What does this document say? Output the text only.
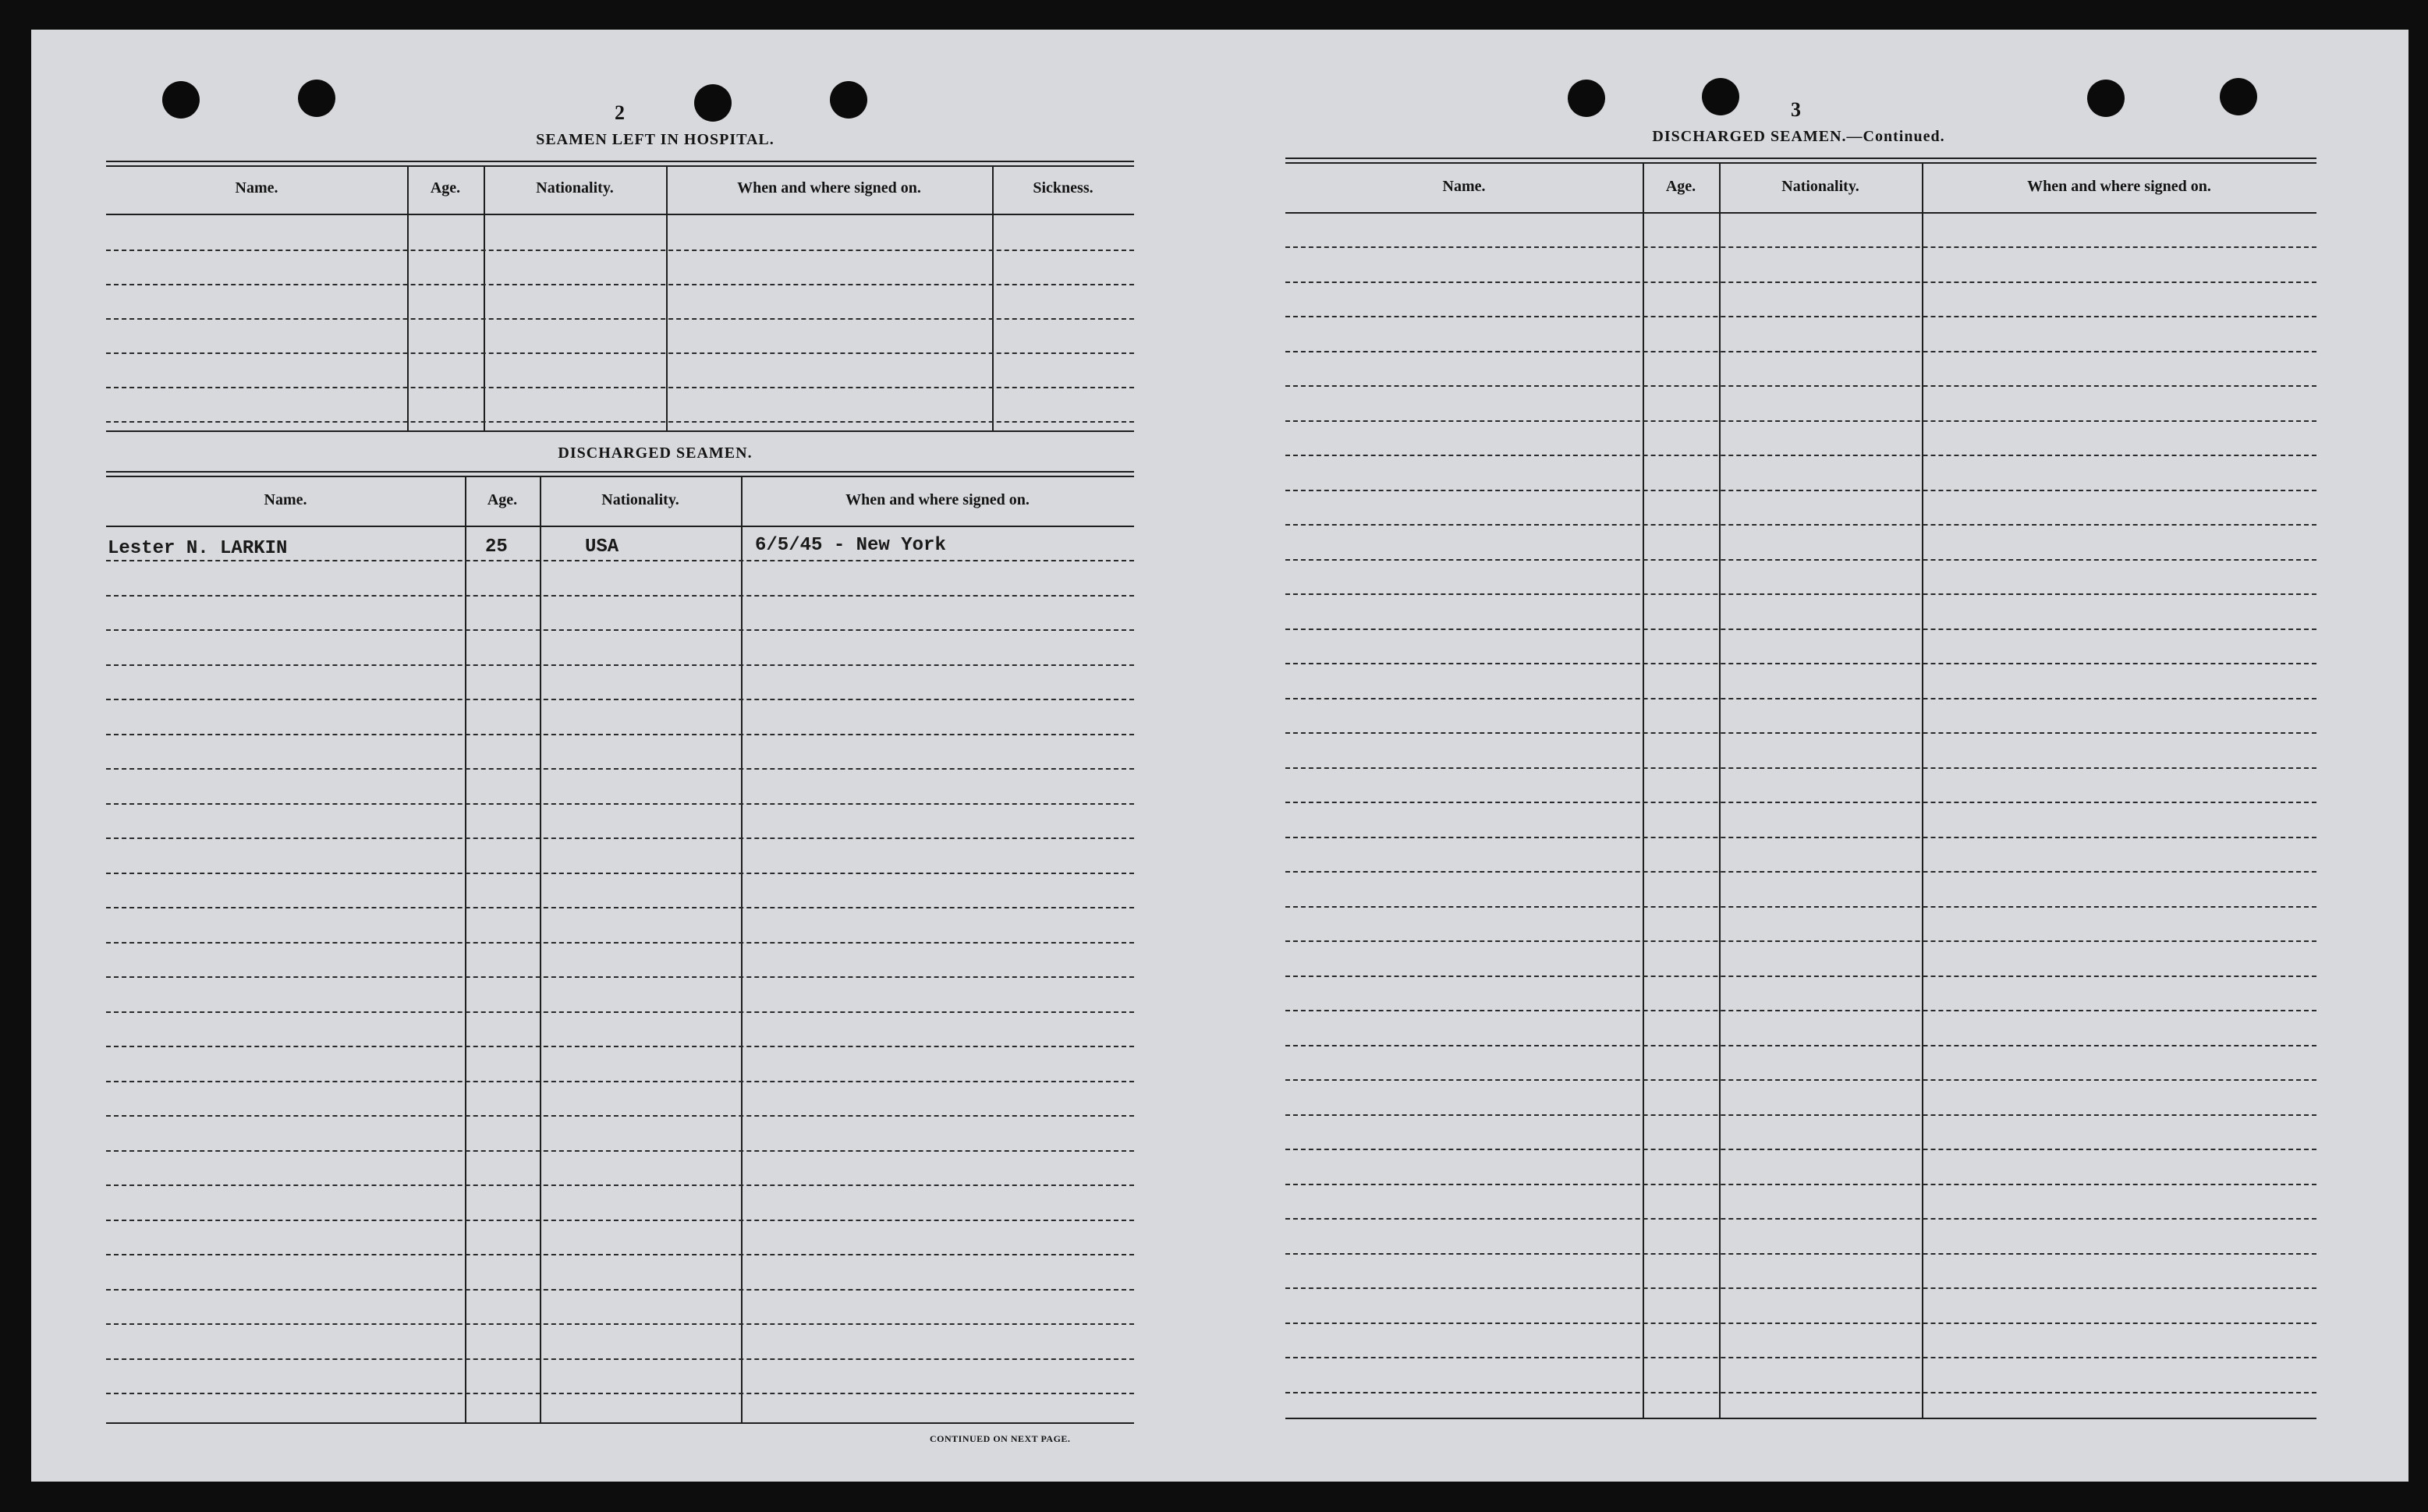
2
SEAMEN LEFT IN HOSPITAL.
Name.	Age.	Nationality.	When and where signed on.	Sickness.
DISCHARGED SEAMEN.
Name.	Age.	Nationality.	When and where signed on.
Lester N. LARKIN	25	USA	6/5/45 - New York
CONTINUED ON NEXT PAGE.
3
DISCHARGED SEAMEN.—Continued.
Name.	Age.	Nationality.	When and where signed on.
